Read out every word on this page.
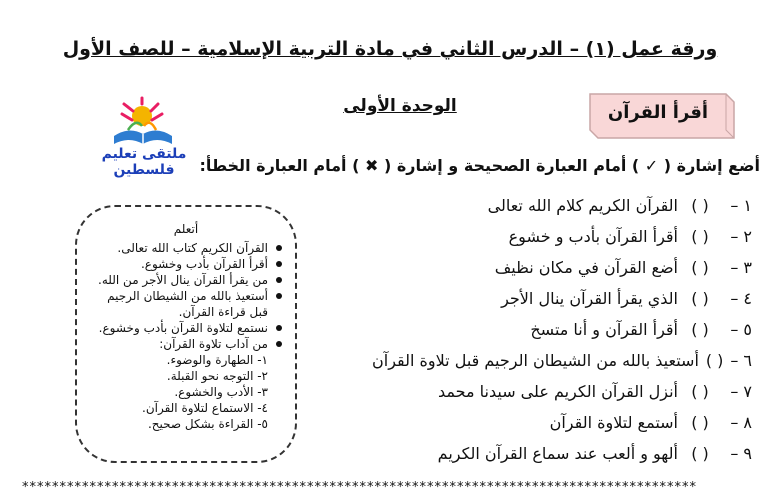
ورقة عمل (١) – الدرس الثاني في مادة التربية الإسلامية – للصف الأول
ملتقى تعليم فلسطين
الوحدة الأولى	أقرأ القرآن
أضع إشارة ( ✓ ) أمام العبارة الصحيحة و إشارة ( ✖ ) أمام العبارة الخطأ:
١ –
( )
القرآن الكريم كلام الله تعالى
٢ –
( )
أقرأ القرآن بأدب و خشوع
٣ –
( )
أضع القرآن في مكان نظيف
٤ –
( )
الذي يقرأ القرآن ينال الأجر
٥ –
( )
أقرأ القرآن و أنا متسخ
٦ –
( )
أستعيذ بالله من الشيطان الرجيم قبل تلاوة القرآن
٧ –
( )
أنزل القرآن الكريم على سيدنا محمد
٨ –
( )
أستمع لتلاوة القرآن
٩ –
( )
ألهو و ألعب عند سماع القرآن الكريم
أتعلم
القرآن الكريم كتاب الله تعالى.
أقرأ القرآن بأدب وخشوع.
من يقرأ القرآن ينال الأجر من الله.
أستعيذ بالله من الشيطان الرجيم قبل قراءة القرآن.
نستمع لتلاوة القرآن بأدب وخشوع.
من آداب تلاوة القرآن:
١- الطهارة والوضوء.
٢- التوجه نحو القبلة.
٣- الأدب والخشوع.
٤- الاستماع لتلاوة القرآن.
٥- القراءة بشكل صحيح.
******************************************************************************************
